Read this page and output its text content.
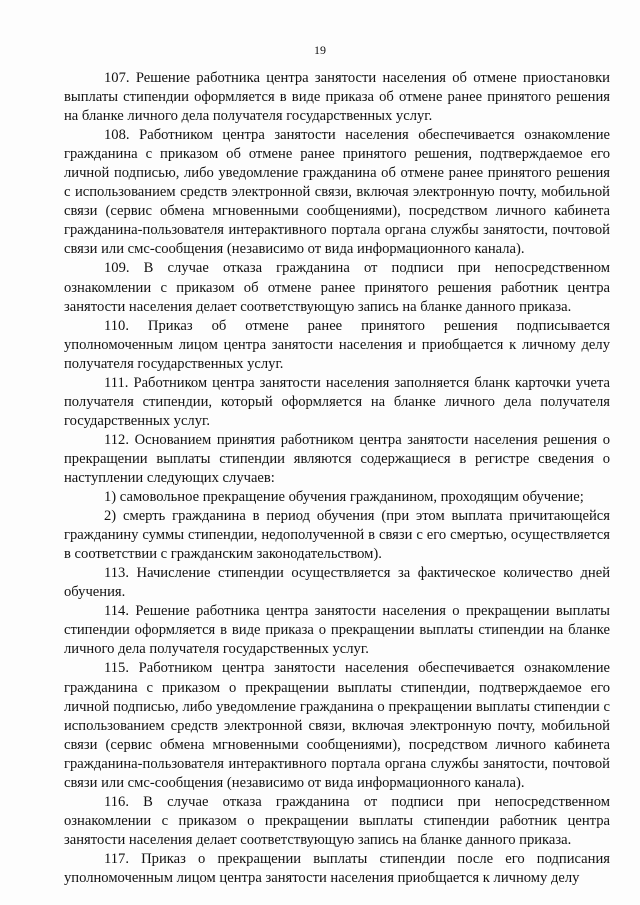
19

107. Решение работника центра занятости населения об отмене приостановки выплаты стипендии оформляется в виде приказа об отмене ранее принятого решения на бланке личного дела получателя государственных услуг.

108. Работником центра занятости населения обеспечивается ознакомление гражданина с приказом об отмене ранее принятого решения, подтверждаемое его личной подписью, либо уведомление гражданина об отмене ранее принятого решения с использованием средств электронной связи, включая электронную почту, мобильной связи (сервис обмена мгновенными сообщениями), посредством личного кабинета гражданина-пользователя интерактивного портала органа службы занятости, почтовой связи или смс-сообщения (независимо от вида информационного канала).

109. В случае отказа гражданина от подписи при непосредственном ознакомлении с приказом об отмене ранее принятого решения работник центра занятости населения делает соответствующую запись на бланке данного приказа.

110. Приказ об отмене ранее принятого решения подписывается уполномоченным лицом центра занятости населения и приобщается к личному делу получателя государственных услуг.

111. Работником центра занятости населения заполняется бланк карточки учета получателя стипендии, который оформляется на бланке личного дела получателя государственных услуг.

112. Основанием принятия работником центра занятости населения решения о прекращении выплаты стипендии являются содержащиеся в регистре сведения о наступлении следующих случаев:

1) самовольное прекращение обучения гражданином, проходящим обучение;

2) смерть гражданина в период обучения (при этом выплата причитающейся гражданину суммы стипендии, недополученной в связи с его смертью, осуществляется в соответствии с гражданским законодательством).

113. Начисление стипендии осуществляется за фактическое количество дней обучения.

114. Решение работника центра занятости населения о прекращении выплаты стипендии оформляется в виде приказа о прекращении выплаты стипендии на бланке личного дела получателя государственных услуг.

115. Работником центра занятости населения обеспечивается ознакомление гражданина с приказом о прекращении выплаты стипендии, подтверждаемое его личной подписью, либо уведомление гражданина о прекращении выплаты стипендии с использованием средств электронной связи, включая электронную почту, мобильной связи (сервис обмена мгновенными сообщениями), посредством личного кабинета гражданина-пользователя интерактивного портала органа службы занятости, почтовой связи или смс-сообщения (независимо от вида информационного канала).

116. В случае отказа гражданина от подписи при непосредственном ознакомлении с приказом о прекращении выплаты стипендии работник центра занятости населения делает соответствующую запись на бланке данного приказа.

117. Приказ о прекращении выплаты стипендии после его подписания уполномоченным лицом центра занятости населения приобщается к личному делу
